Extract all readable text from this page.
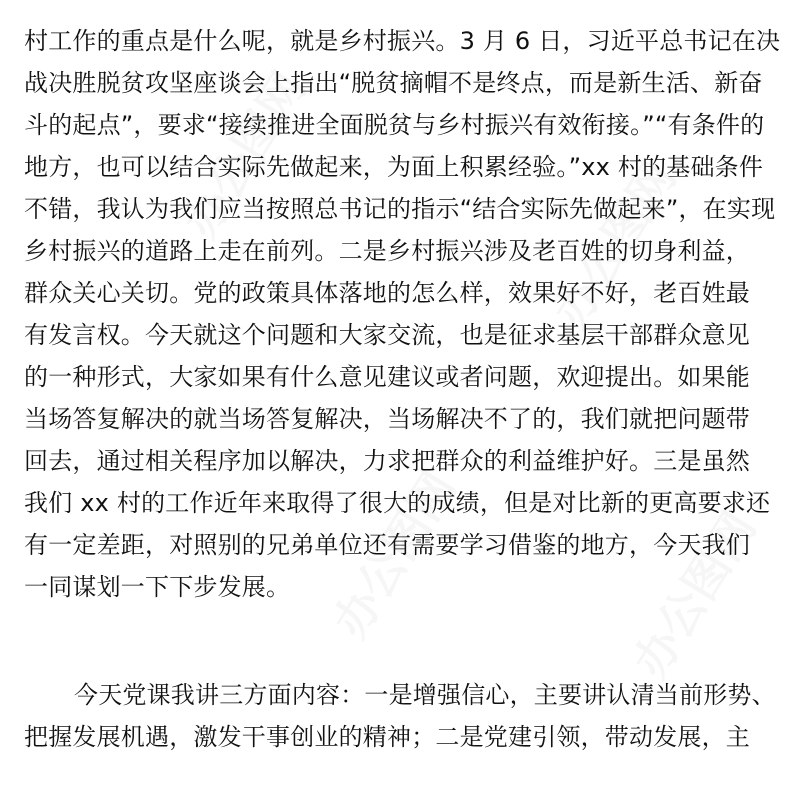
办公图网	办公图网
办公图网	办公图网
村工作的重点是什么呢，就是乡村振兴。3 月 6 日，习近平总书记在决
战决胜脱贫攻坚座谈会上指出“脱贫摘帽不是终点，而是新生活、新奋
斗的起点”，要求“接续推进全面脱贫与乡村振兴有效衔接。”“有条件的
地方，也可以结合实际先做起来，为面上积累经验。”xx 村的基础条件
不错，我认为我们应当按照总书记的指示“结合实际先做起来”，在实现
乡村振兴的道路上走在前列。二是乡村振兴涉及老百姓的切身利益，
群众关心关切。党的政策具体落地的怎么样，效果好不好，老百姓最
有发言权。今天就这个问题和大家交流，也是征求基层干部群众意见
的一种形式，大家如果有什么意见建议或者问题，欢迎提出。如果能
当场答复解决的就当场答复解决，当场解决不了的，我们就把问题带
回去，通过相关程序加以解决，力求把群众的利益维护好。三是虽然
我们 xx 村的工作近年来取得了很大的成绩，但是对比新的更高要求还
有一定差距，对照别的兄弟单位还有需要学习借鉴的地方，今天我们
一同谋划一下下步发展。
今天党课我讲三方面内容：一是增强信心，主要讲认清当前形势、
把握发展机遇，激发干事创业的精神；二是党建引领，带动发展，主
